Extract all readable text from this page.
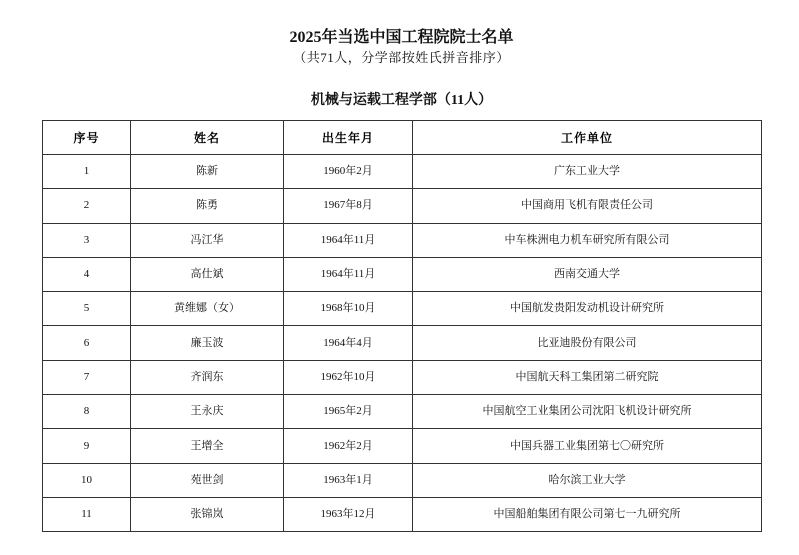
2025年当选中国工程院院士名单
（共71人，分学部按姓氏拼音排序）
机械与运载工程学部（11人）
序号	姓名	出生年月	工作单位
1	陈新	1960年2月	广东工业大学
2	陈勇	1967年8月	中国商用飞机有限责任公司
3	冯江华	1964年11月	中车株洲电力机车研究所有限公司
4	高仕斌	1964年11月	西南交通大学
5	黄维娜（女）	1968年10月	中国航发贵阳发动机设计研究所
6	廉玉波	1964年4月	比亚迪股份有限公司
7	齐润东	1962年10月	中国航天科工集团第二研究院
8	王永庆	1965年2月	中国航空工业集团公司沈阳飞机设计研究所
9	王增全	1962年2月	中国兵器工业集团第七〇研究所
10	苑世剑	1963年1月	哈尔滨工业大学
11	张锦岚	1963年12月	中国船舶集团有限公司第七一九研究所
